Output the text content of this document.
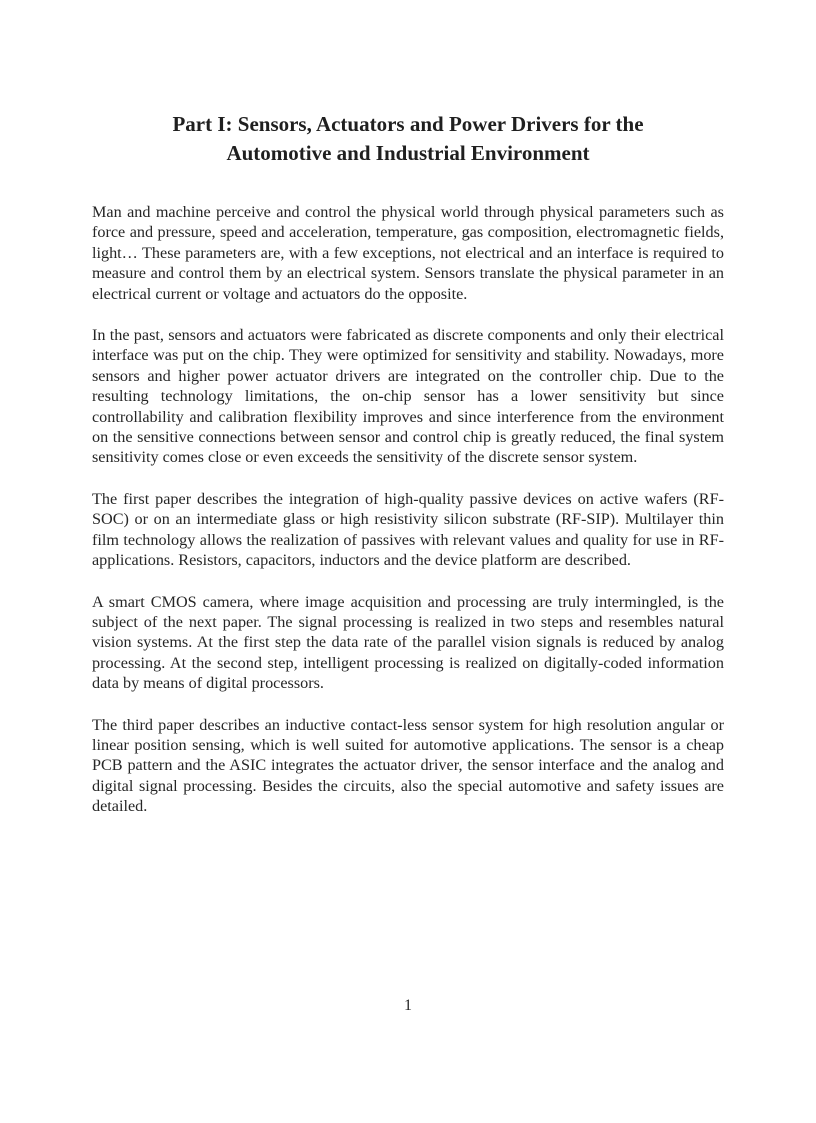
Part I: Sensors, Actuators and Power Drivers for the
Automotive and Industrial Environment

Man and machine perceive and control the physical world through physical parameters such as force and pressure, speed and acceleration, temperature, gas composition, electromagnetic fields, light… These parameters are, with a few exceptions, not electrical and an interface is required to measure and control them by an electrical system. Sensors translate the physical parameter in an electrical current or voltage and actuators do the opposite.

In the past, sensors and actuators were fabricated as discrete components and only their electrical interface was put on the chip. They were optimized for sensitivity and stability. Nowadays, more sensors and higher power actuator drivers are integrated on the controller chip. Due to the resulting technology limitations, the on-chip sensor has a lower sensitivity but since controllability and calibration flexibility improves and since interference from the environment on the sensitive connections between sensor and control chip is greatly reduced, the final system sensitivity comes close or even exceeds the sensitivity of the discrete sensor system.

The first paper describes the integration of high-quality passive devices on active wafers (RF-SOC) or on an intermediate glass or high resistivity silicon substrate (RF-SIP). Multilayer thin film technology allows the realization of passives with relevant values and quality for use in RF-applications. Resistors, capacitors, inductors and the device platform are described.

A smart CMOS camera, where image acquisition and processing are truly intermingled, is the subject of the next paper. The signal processing is realized in two steps and resembles natural vision systems. At the first step the data rate of the parallel vision signals is reduced by analog processing. At the second step, intelligent processing is realized on digitally-coded information data by means of digital processors.

The third paper describes an inductive contact-less sensor system for high resolution angular or linear position sensing, which is well suited for automotive applications. The sensor is a cheap PCB pattern and the ASIC integrates the actuator driver, the sensor interface and the analog and digital signal processing. Besides the circuits, also the special automotive and safety issues are detailed.

1
